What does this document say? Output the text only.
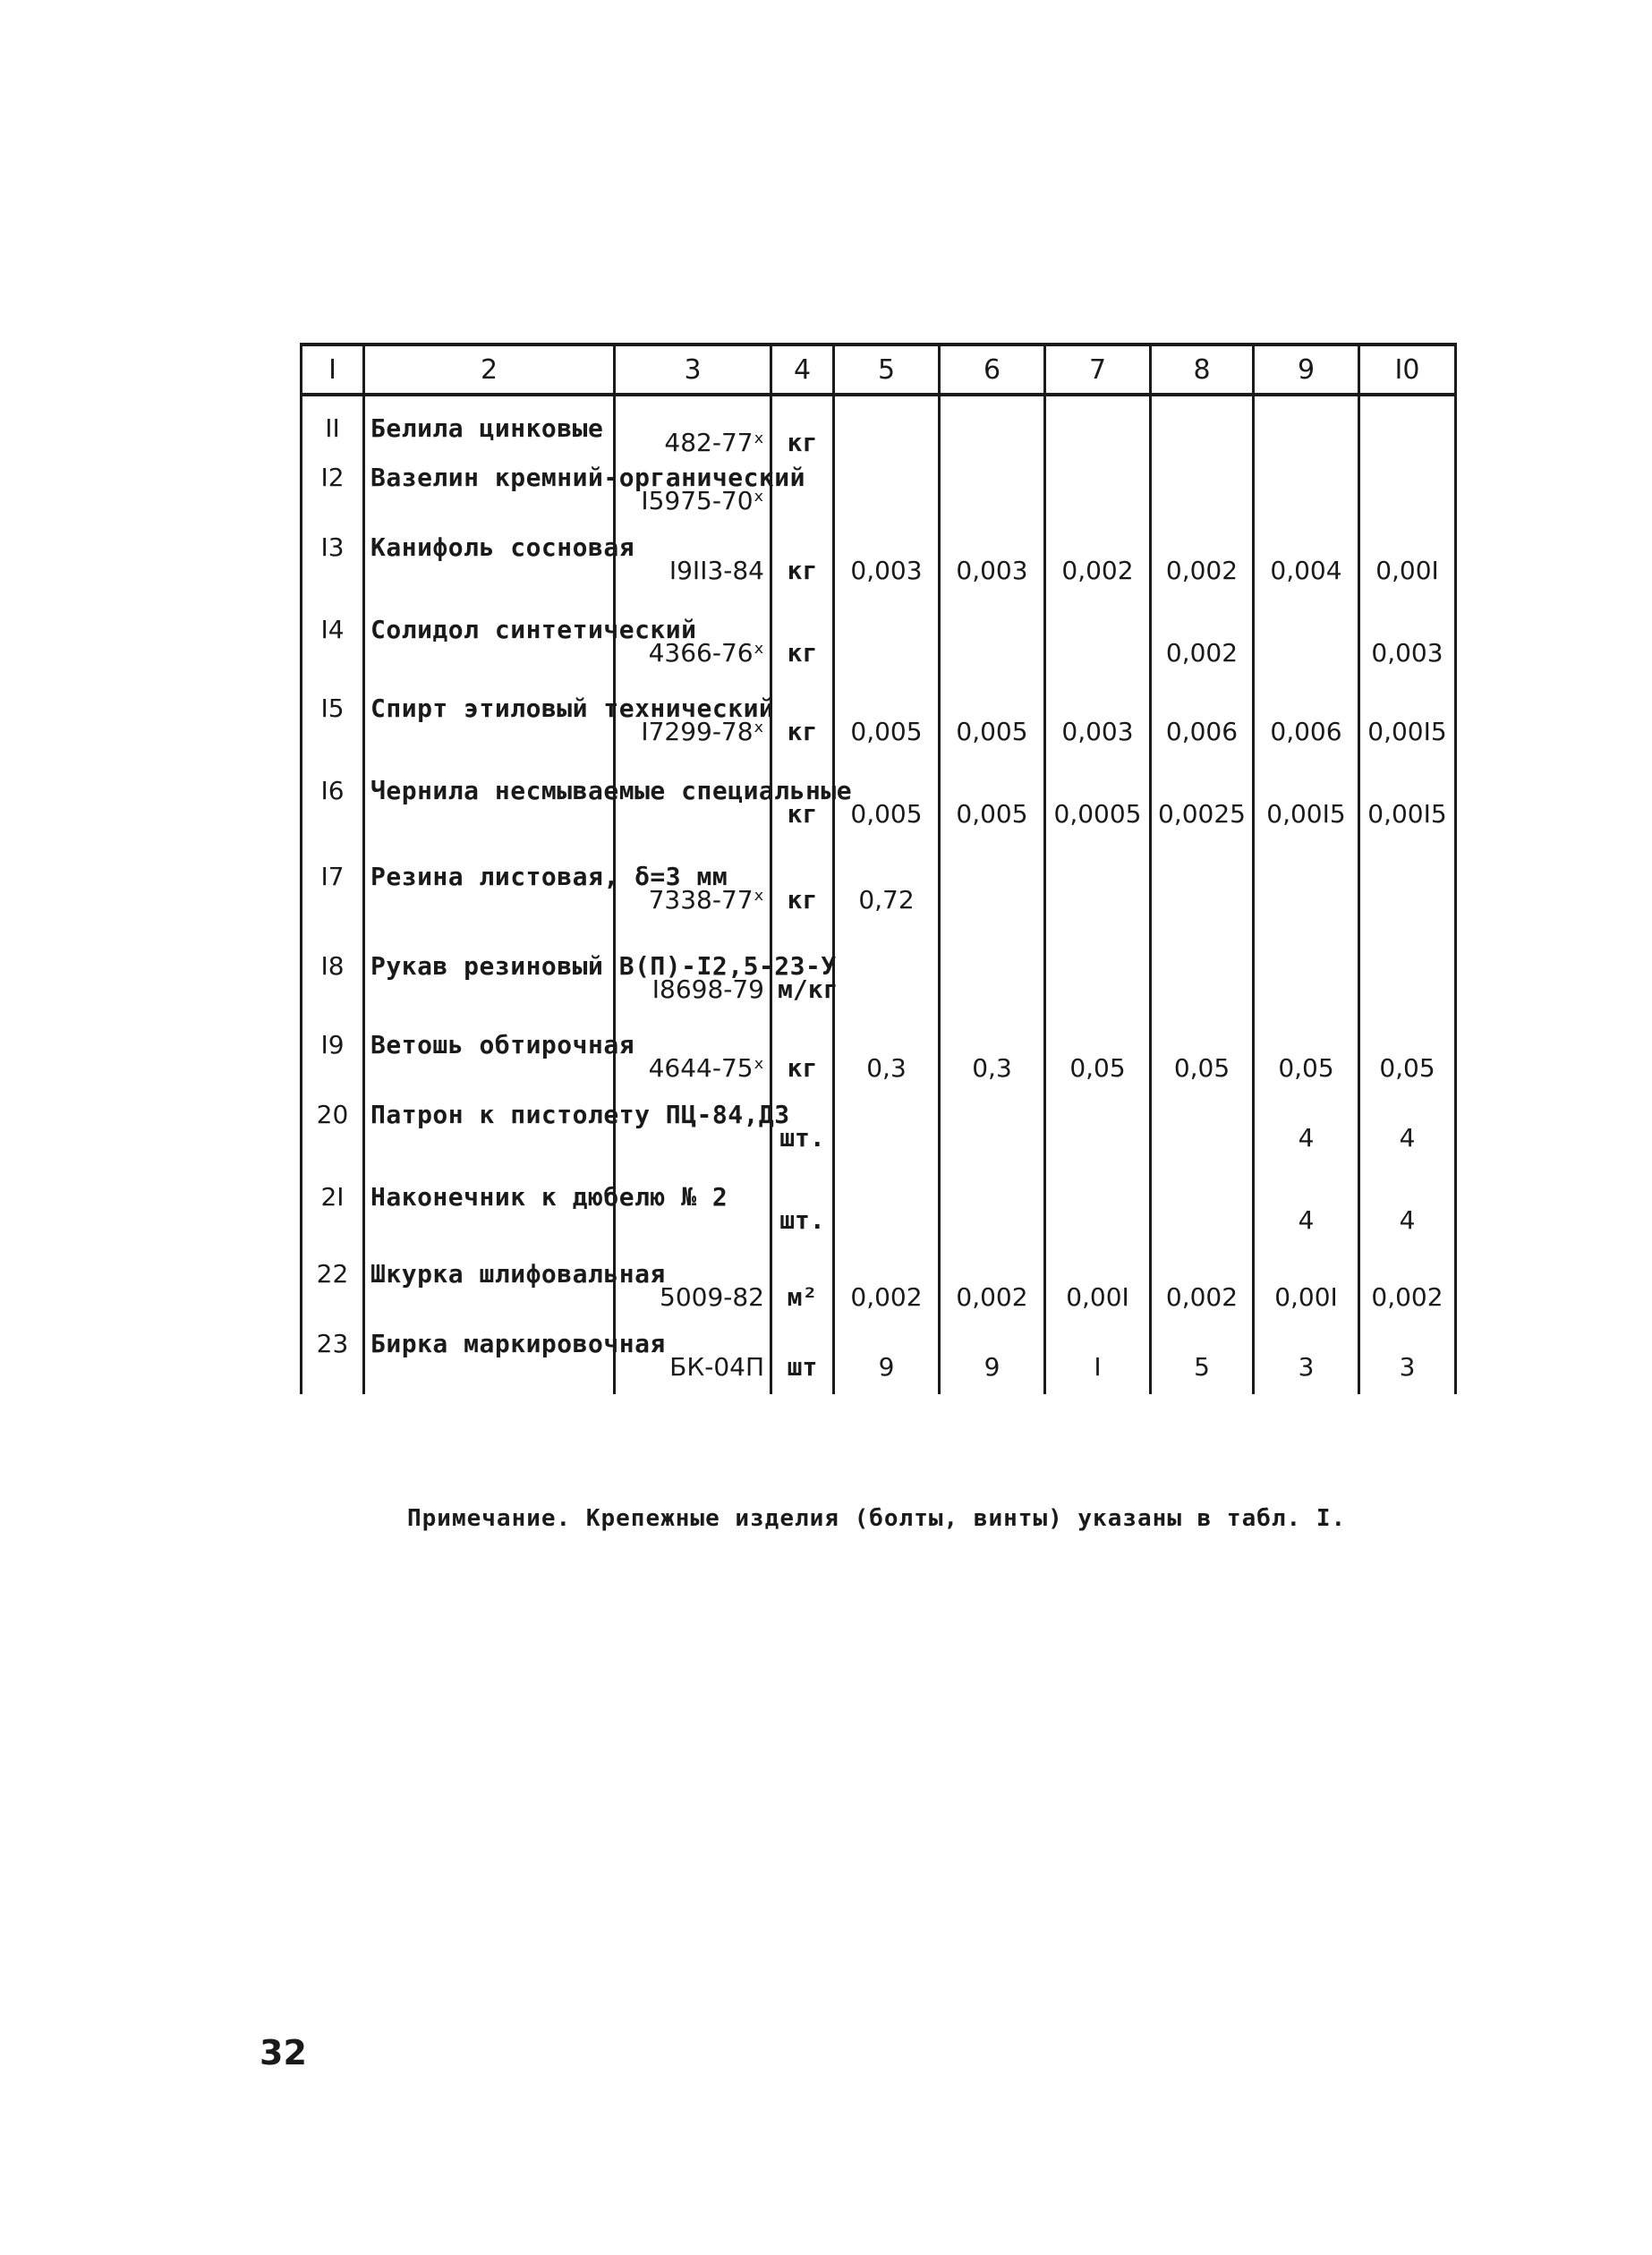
I	2	3	4	5	6	7	8	9	I0
II	Белила цинковые	482-77ˣ	кг						
I2	Вазелин кремний-органический	I5975-70ˣ							
I3	Канифоль сосновая	I9II3-84	кг	0,003	0,003	0,002	0,002	0,004	0,00I
I4	Солидол синтетический	4366-76ˣ	кг				0,002		0,003
I5	Спирт этиловый технический	I7299-78ˣ	кг	0,005	0,005	0,003	0,006	0,006	0,00I5
I6	Чернила несмываемые специальные		кг	0,005	0,005	0,0005	0,0025	0,00I5	0,00I5
I7	Резина листовая, δ=3 мм	7338-77ˣ	кг	0,72					
I8	Рукав резиновый В(П)-I2,5-23-У	I8698-79	м/кг						
I9	Ветошь обтирочная	4644-75ˣ	кг	0,3	0,3	0,05	0,05	0,05	0,05
20	Патрон к пистолету ПЦ-84,Д3		шт.					4	4
2I	Наконечник к дюбелю № 2		шт.					4	4
22	Шкурка шлифовальная	5009-82	м²	0,002	0,002	0,00I	0,002	0,00I	0,002
23	Бирка маркировочная	БК-04П	шт	9	9	I	5	3	3
Примечание. Крепежные изделия (болты, винты) указаны в табл. I.
32
